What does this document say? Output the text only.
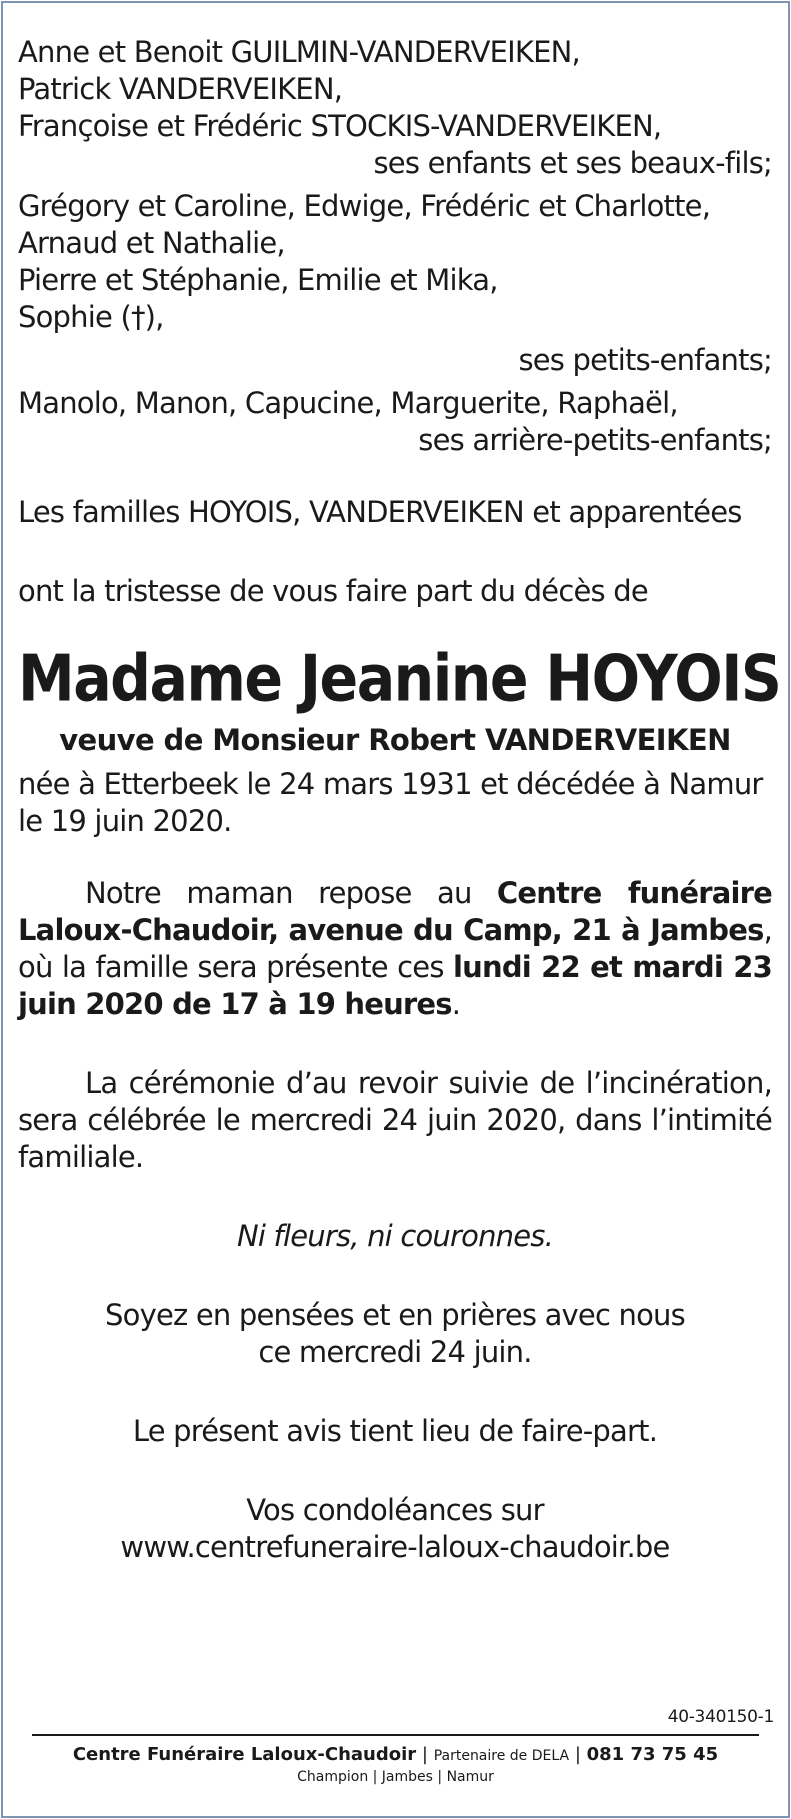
Anne et Benoit GUILMIN-VANDERVEIKEN,
Patrick VANDERVEIKEN,
Françoise et Frédéric STOCKIS-VANDERVEIKEN,
ses enfants et ses beaux-fils;
Grégory et Caroline, Edwige, Frédéric et Charlotte,
Arnaud et Nathalie,
Pierre et Stéphanie, Emilie et Mika,
Sophie (†),
ses petits-enfants;
Manolo, Manon, Capucine, Marguerite, Raphaël,
ses arrière-petits-enfants;
Les familles HOYOIS, VANDERVEIKEN et apparentées
ont la tristesse de vous faire part du décès de
Madame Jeanine HOYOIS
veuve de Monsieur Robert VANDERVEIKEN
née à Etterbeek le 24 mars 1931 et décédée à Namur le 19 juin 2020.
Notre maman repose au Centre funéraire Laloux-Chaudoir, avenue du Camp, 21 à Jambes, où la famille sera présente ces lundi 22 et mardi 23 juin 2020 de 17 à 19 heures.
La cérémonie d’au revoir suivie de l’incinération, sera célébrée le mercredi 24 juin 2020, dans l’intimité familiale.
Ni fleurs, ni couronnes.
Soyez en pensées et en prières avec nous
ce mercredi 24 juin.
Le présent avis tient lieu de faire-part.
Vos condoléances sur
www.centrefuneraire-laloux-chaudoir.be
40-340150-1
Centre Funéraire Laloux-Chaudoir | Partenaire de DELA | 081 73 75 45
Champion | Jambes | Namur
